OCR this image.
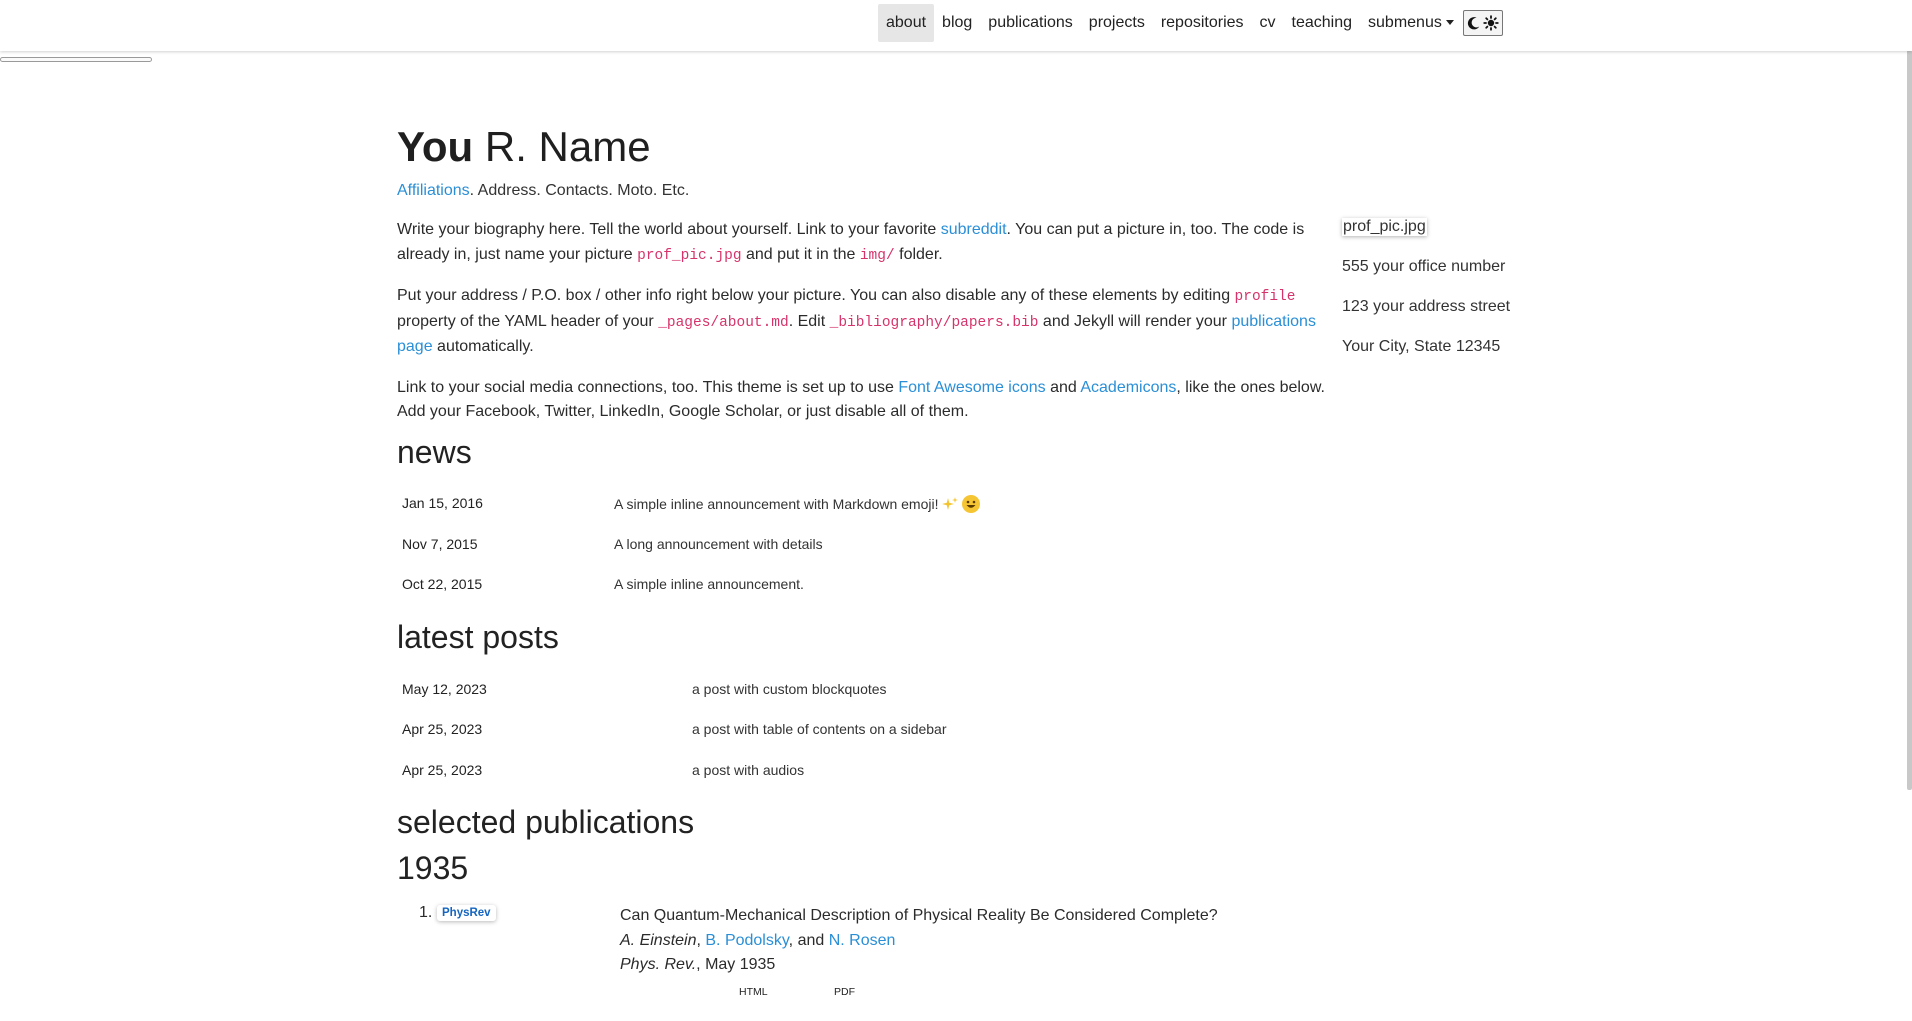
about	blog	publications	projects	repositories	cv	teaching	submenus
You R. Name

Affiliations. Address. Contacts. Moto. Etc.

Write your biography here. Tell the world about yourself. Link to your favorite subreddit. You can put a picture in, too. The code is already in, just name your picture prof_pic.jpg and put it in the img/ folder.

Put your address / P.O. box / other info right below your picture. You can also disable any of these elements by editing profile property of the YAML header of your _pages/about.md. Edit _bibliography/papers.bib and Jekyll will render your publications page automatically.

Link to your social media connections, too. This theme is set up to use Font Awesome icons and Academicons, like the ones below. Add your Facebook, Twitter, LinkedIn, Google Scholar, or just disable all of them.

prof_pic.jpg
555 your office number
123 your address street
Your City, State 12345
news
Jan 15, 2016	A simple inline announcement with Markdown emoji!
Nov 7, 2015	A long announcement with details
Oct 22, 2015	A simple inline announcement.
latest posts
May 12, 2023	a post with custom blockquotes
Apr 25, 2023	a post with table of contents on a sidebar
Apr 25, 2023	a post with audios
selected publications
1935
1. PhysRev	Can Quantum-Mechanical Description of Physical Reality Be Considered Complete?
A. Einstein, B. Podolsky, and N. Rosen
Phys. Rev., May 1935
HTML	PDF
